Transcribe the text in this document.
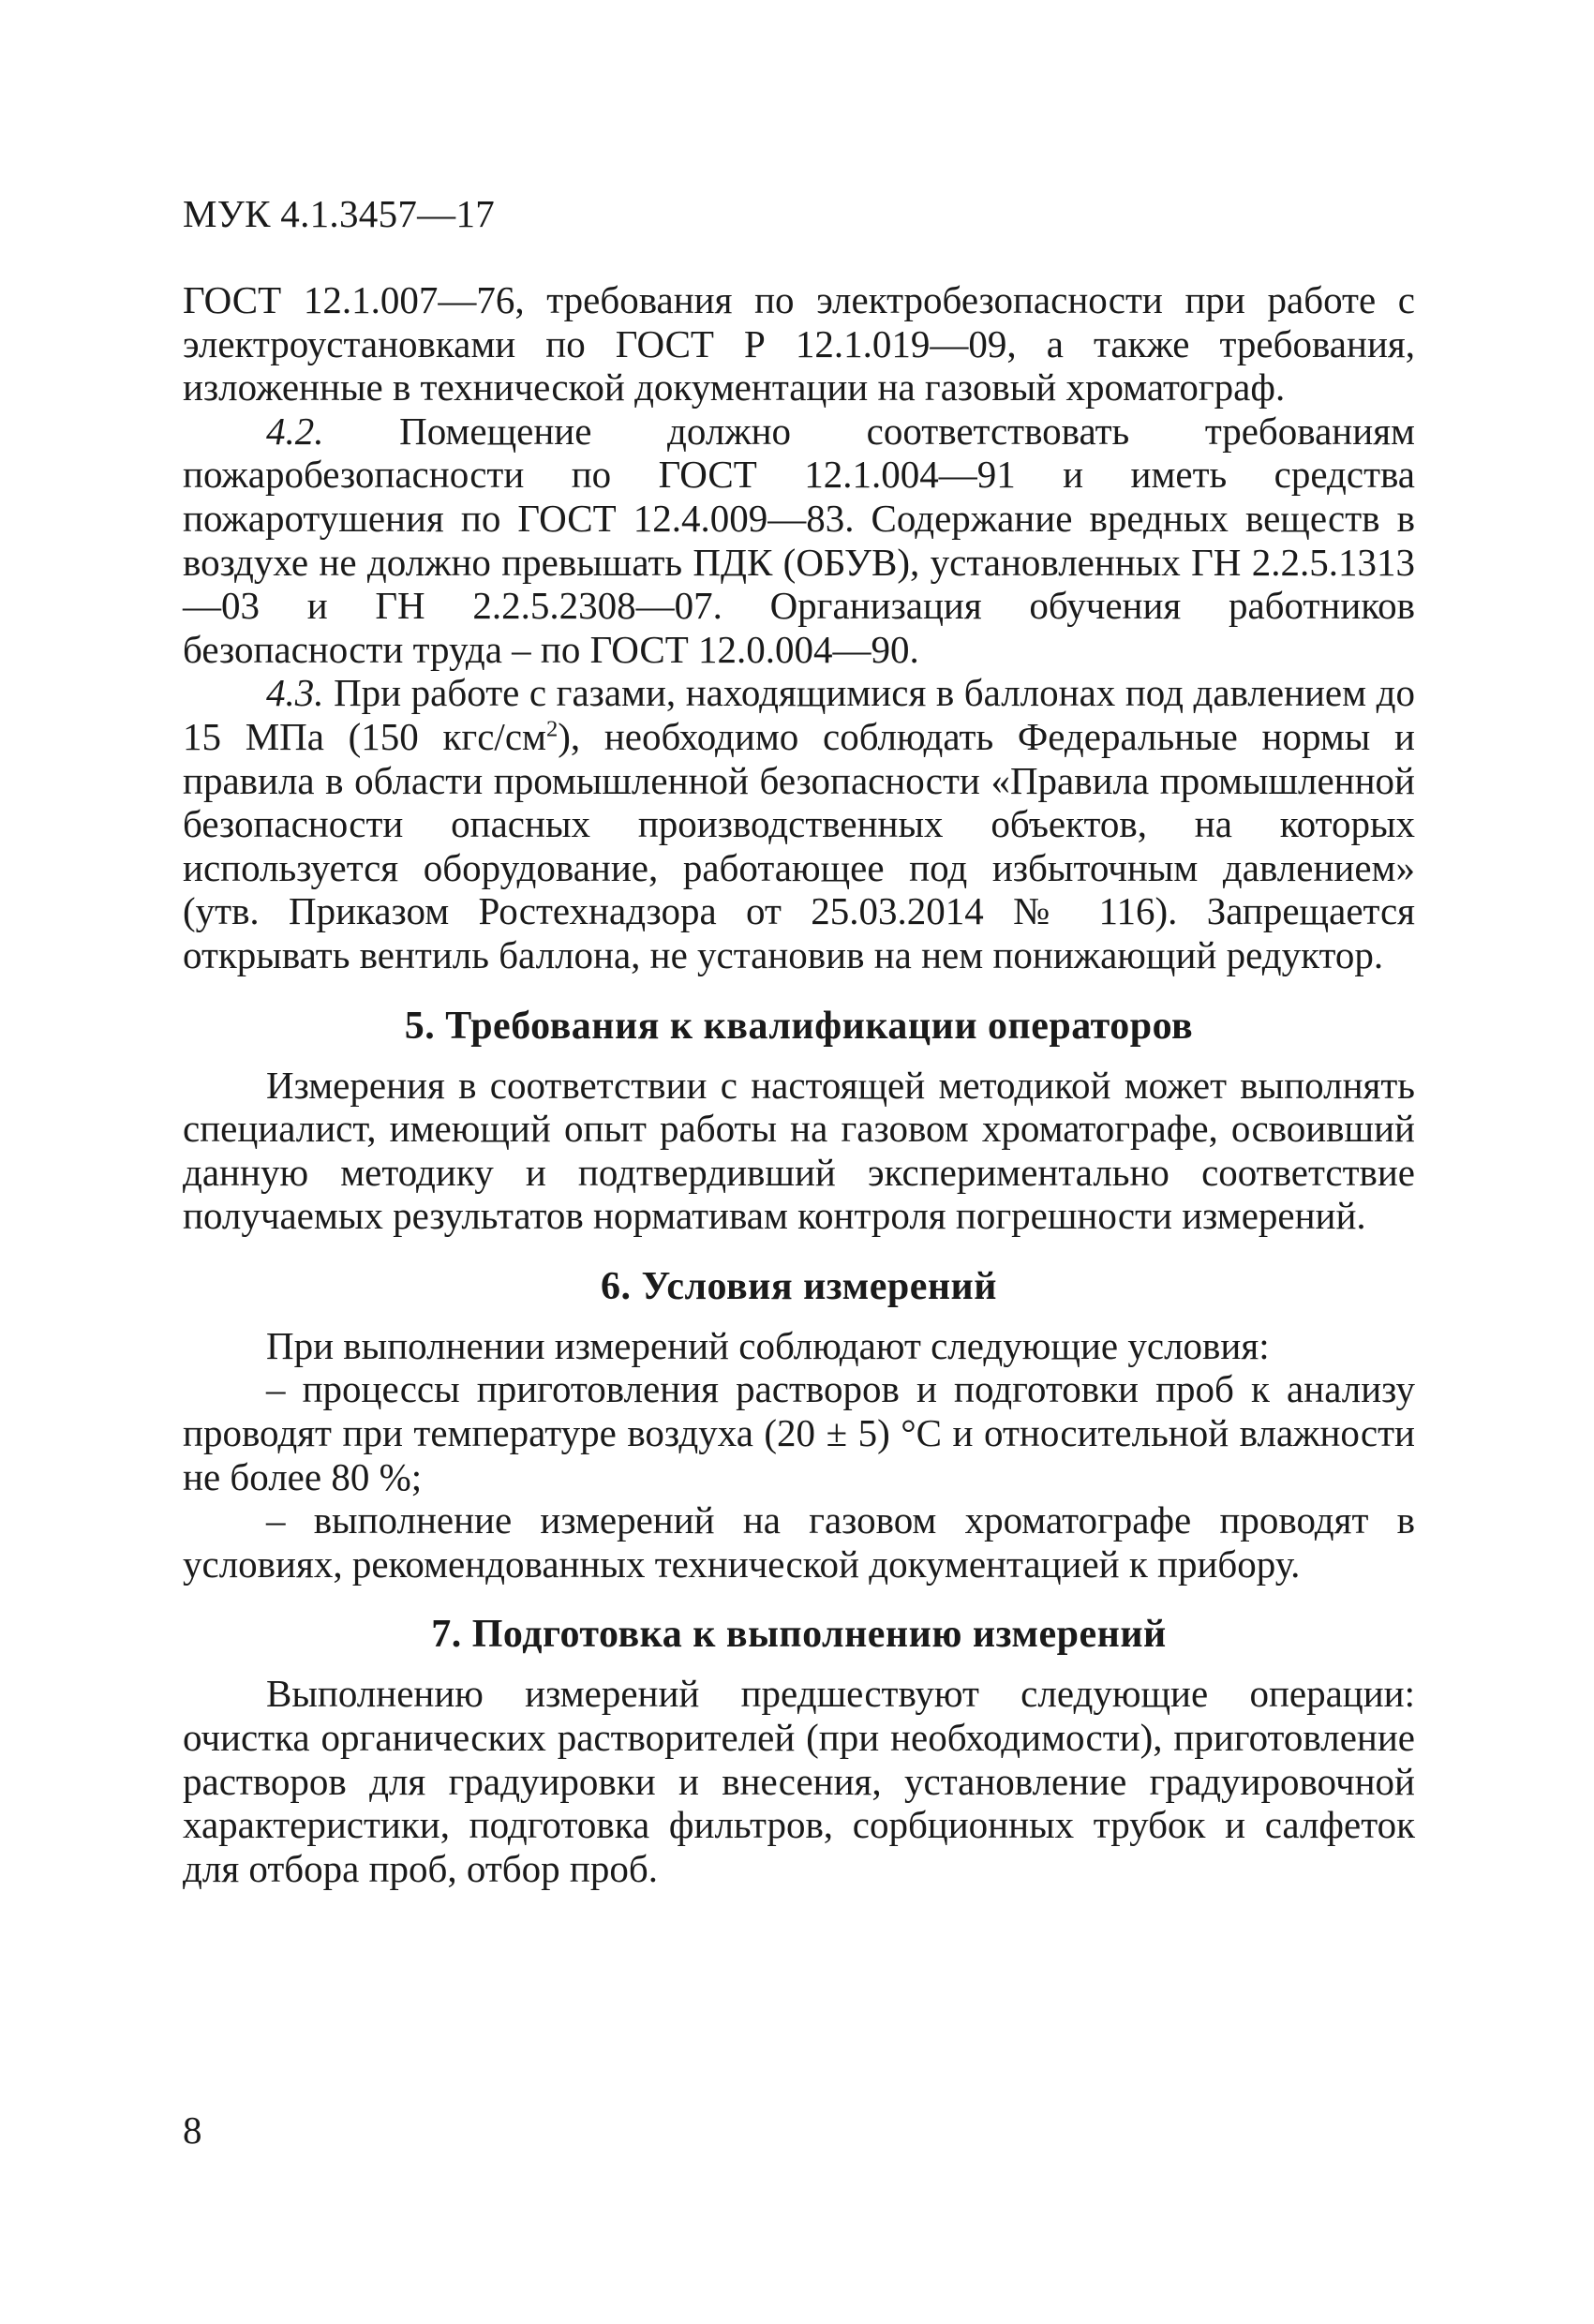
МУК 4.1.3457—17

ГОСТ 12.1.007—76, требования по электробезопасности при работе с электроустановками по ГОСТ Р 12.1.019—09, а также требования, изложенные в технической документации на газовый хроматограф.

4.2. Помещение должно соответствовать требованиям пожаробезопасности по ГОСТ 12.1.004—91 и иметь средства пожаротушения по ГОСТ 12.4.009—83. Содержание вредных веществ в воздухе не должно превышать ПДК (ОБУВ), установленных ГН 2.2.5.1313—03 и ГН 2.2.5.2308—07. Организация обучения работников безопасности труда – по ГОСТ 12.0.004—90.

4.3. При работе с газами, находящимися в баллонах под давлением до 15 МПа (150 кгс/$см^2$), необходимо соблюдать Федеральные нормы и правила в области промышленной безопасности «Правила промышленной безопасности опасных производственных объектов, на которых используется оборудование, работающее под избыточным давлением» (утв. Приказом Ростехнадзора от 25.03.2014 № 116). Запрещается открывать вентиль баллона, не установив на нем понижающий редуктор.

5. Требования к квалификации операторов

Измерения в соответствии с настоящей методикой может выполнять специалист, имеющий опыт работы на газовом хроматографе, освоивший данную методику и подтвердивший экспериментально соответствие получаемых результатов нормативам контроля погрешности измерений.

6. Условия измерений

При выполнении измерений соблюдают следующие условия:

– процессы приготовления растворов и подготовки проб к анализу проводят при температуре воздуха (20 ± 5) °С и относительной влажности не более 80 %;

– выполнение измерений на газовом хроматографе проводят в условиях, рекомендованных технической документацией к прибору.

7. Подготовка к выполнению измерений

Выполнению измерений предшествуют следующие операции: очистка органических растворителей (при необходимости), приготовление растворов для градуировки и внесения, установление градуировочной характеристики, подготовка фильтров, сорбционных трубок и салфеток для отбора проб, отбор проб.

8
